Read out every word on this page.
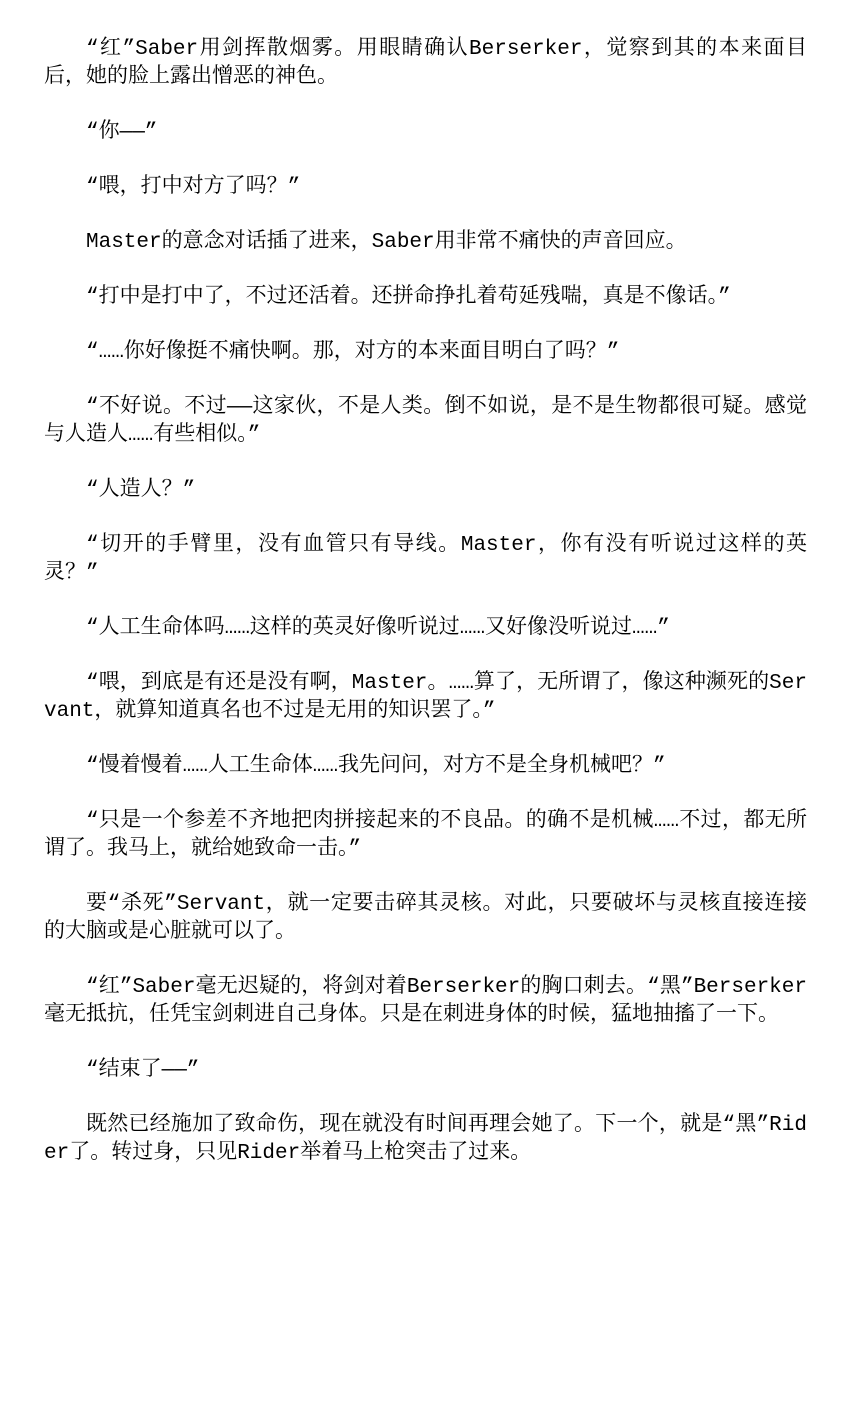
“红”Saber用剑挥散烟雾。用眼睛确认Berserker，觉察到其的本来面目后，她的脸上露出憎恶的神色。

“你——”

“喂，打中对方了吗？”

Master的意念对话插了进来，Saber用非常不痛快的声音回应。

“打中是打中了，不过还活着。还拼命挣扎着苟延残喘，真是不像话。”

“……你好像挺不痛快啊。那，对方的本来面目明白了吗？”

“不好说。不过——这家伙，不是人类。倒不如说，是不是生物都很可疑。感觉与人造人……有些相似。”

“人造人？”

“切开的手臂里，没有血管只有导线。Master，你有没有听说过这样的英灵？”

“人工生命体吗……这样的英灵好像听说过……又好像没听说过……”

“喂，到底是有还是没有啊，Master。……算了，无所谓了，像这种濒死的Servant，就算知道真名也不过是无用的知识罢了。”

“慢着慢着……人工生命体……我先问问，对方不是全身机械吧？”

“只是一个参差不齐地把肉拼接起来的不良品。的确不是机械……不过，都无所谓了。我马上，就给她致命一击。”

要“杀死”Servant，就一定要击碎其灵核。对此，只要破坏与灵核直接连接的大脑或是心脏就可以了。

“红”Saber毫无迟疑的，将剑对着Berserker的胸口刺去。“黑”Berserker毫无抵抗，任凭宝剑刺进自己身体。只是在刺进身体的时候，猛地抽搐了一下。

“结束了——”

既然已经施加了致命伤，现在就没有时间再理会她了。下一个，就是“黑”Rider了。转过身，只见Rider举着马上枪突击了过来。
